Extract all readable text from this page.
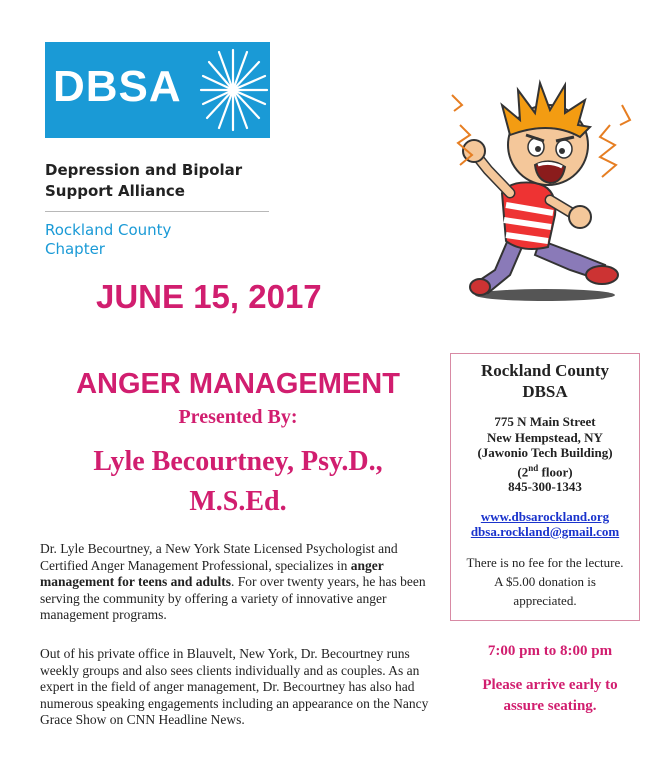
DBSA
Depression and Bipolar
Support Alliance
Rockland County
Chapter
JUNE 15, 2017
ANGER MANAGEMENT
Presented By:
Lyle Becourtney, Psy.D.,
M.S.Ed.
Dr. Lyle Becourtney, a New York State Licensed Psychologist and Certified Anger Management Professional, specializes in anger management for teens and adults. For over twenty years, he has been serving the community by offering a variety of innovative anger management programs.
Out of his private office in Blauvelt, New York, Dr. Becourtney runs weekly groups and also sees clients individually and as couples. As an expert in the field of anger management, Dr. Becourtney has also had numerous speaking engagements including an appearance on the Nancy Grace Show on CNN Headline News.
Rockland County
DBSA
775 N Main Street
New Hempstead, NY
(Jawonio Tech Building)
(2nd floor)
845-300-1343
www.dbsarockland.org
dbsa.rockland@gmail.com
There is no fee for the lecture. A $5.00 donation is appreciated.
7:00 pm to 8:00 pm
Please arrive early to
assure seating.
